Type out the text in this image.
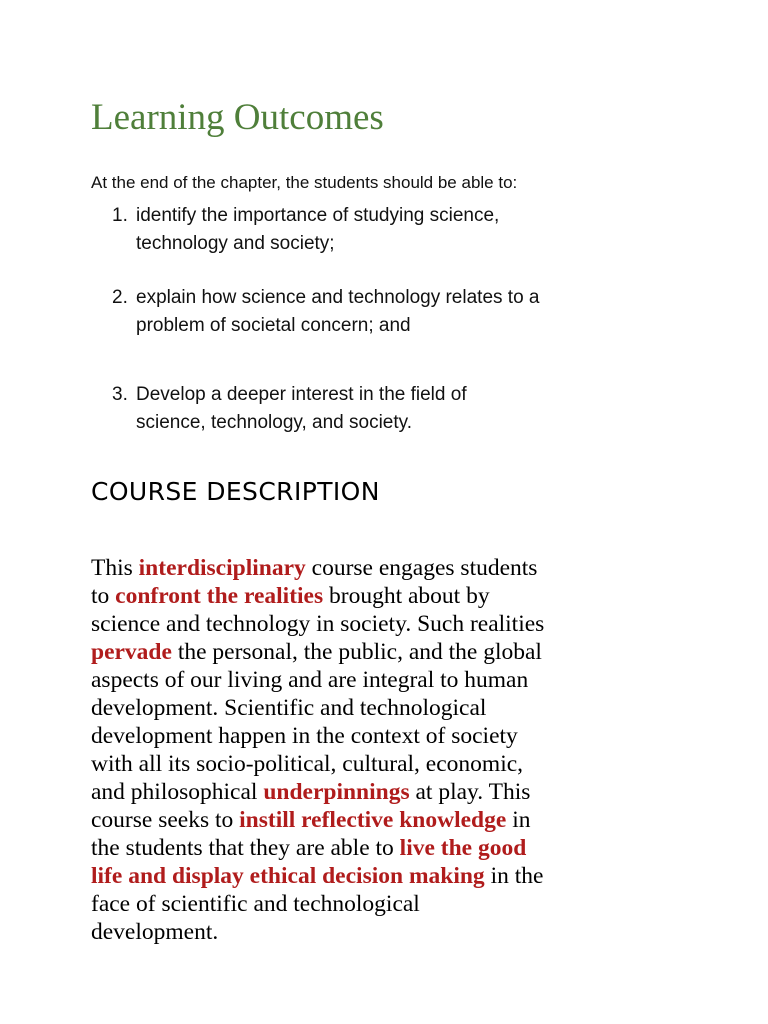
Learning Outcomes

At the end of the chapter, the students should be able to:

1. identify the importance of studying science,
technology and society;
2. explain how science and technology relates to a
problem of societal concern; and
3. Develop a deeper interest in the field of
science, technology, and society.
COURSE DESCRIPTION
This interdisciplinary course engages students
to confront the realities brought about by
science and technology in society. Such realities
pervade the personal, the public, and the global
aspects of our living and are integral to human
development. Scientific and technological
development happen in the context of society
with all its socio-political, cultural, economic,
and philosophical underpinnings at play. This
course seeks to instill reflective knowledge in
the students that they are able to live the good
life and display ethical decision making in the
face of scientific and technological
development.
